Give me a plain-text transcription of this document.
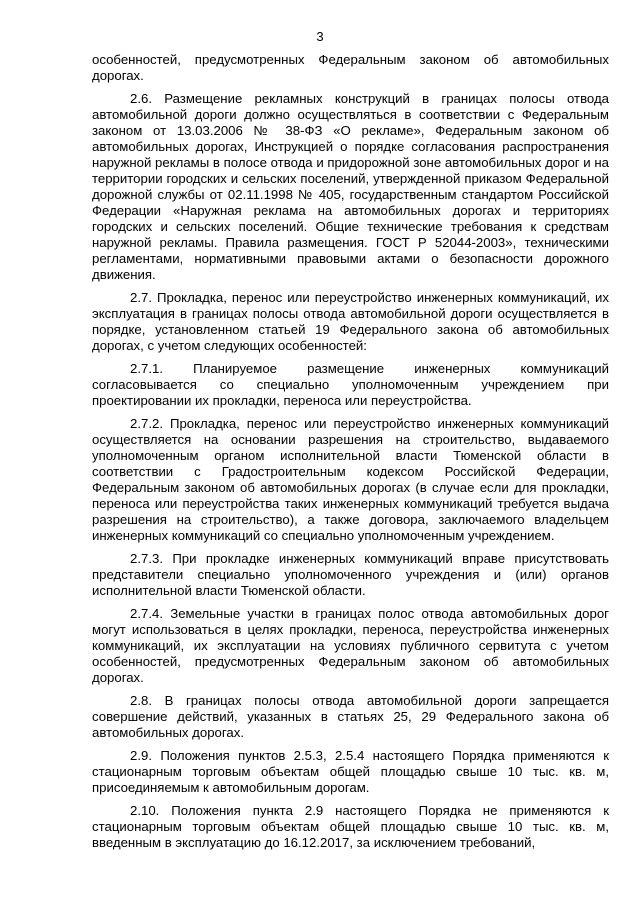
3

особенностей, предусмотренных Федеральным законом об автомобильных дорогах.

2.6. Размещение рекламных конструкций в границах полосы отвода автомобильной дороги должно осуществляться в соответствии с Федеральным законом от 13.03.2006 № 38-ФЗ «О рекламе», Федеральным законом об автомобильных дорогах, Инструкцией о порядке согласования распространения наружной рекламы в полосе отвода и придорожной зоне автомобильных дорог и на территории городских и сельских поселений, утвержденной приказом Федеральной дорожной службы от 02.11.1998 № 405, государственным стандартом Российской Федерации «Наружная реклама на автомобильных дорогах и территориях городских и сельских поселений. Общие технические требования к средствам наружной рекламы. Правила размещения. ГОСТ Р 52044-2003», техническими регламентами, нормативными правовыми актами о безопасности дорожного движения.

2.7. Прокладка, перенос или переустройство инженерных коммуникаций, их эксплуатация в границах полосы отвода автомобильной дороги осуществляется в порядке, установленном статьей 19 Федерального закона об автомобильных дорогах, с учетом следующих особенностей:

2.7.1. Планируемое размещение инженерных коммуникаций согласовывается со специально уполномоченным учреждением при проектировании их прокладки, переноса или переустройства.

2.7.2. Прокладка, перенос или переустройство инженерных коммуникаций осуществляется на основании разрешения на строительство, выдаваемого уполномоченным органом исполнительной власти Тюменской области в соответствии с Градостроительным кодексом Российской Федерации, Федеральным законом об автомобильных дорогах (в случае если для прокладки, переноса или переустройства таких инженерных коммуникаций требуется выдача разрешения на строительство), а также договора, заключаемого владельцем инженерных коммуникаций со специально уполномоченным учреждением.

2.7.3. При прокладке инженерных коммуникаций вправе присутствовать представители специально уполномоченного учреждения и (или) органов исполнительной власти Тюменской области.

2.7.4. Земельные участки в границах полос отвода автомобильных дорог могут использоваться в целях прокладки, переноса, переустройства инженерных коммуникаций, их эксплуатации на условиях публичного сервитута с учетом особенностей, предусмотренных Федеральным законом об автомобильных дорогах.

2.8. В границах полосы отвода автомобильной дороги запрещается совершение действий, указанных в статьях 25, 29 Федерального закона об автомобильных дорогах.

2.9. Положения пунктов 2.5.3, 2.5.4 настоящего Порядка применяются к стационарным торговым объектам общей площадью свыше 10 тыс. кв. м, присоединяемым к автомобильным дорогам.

2.10. Положения пункта 2.9 настоящего Порядка не применяются к стационарным торговым объектам общей площадью свыше 10 тыс. кв. м, введенным в эксплуатацию до 16.12.2017, за исключением требований,
